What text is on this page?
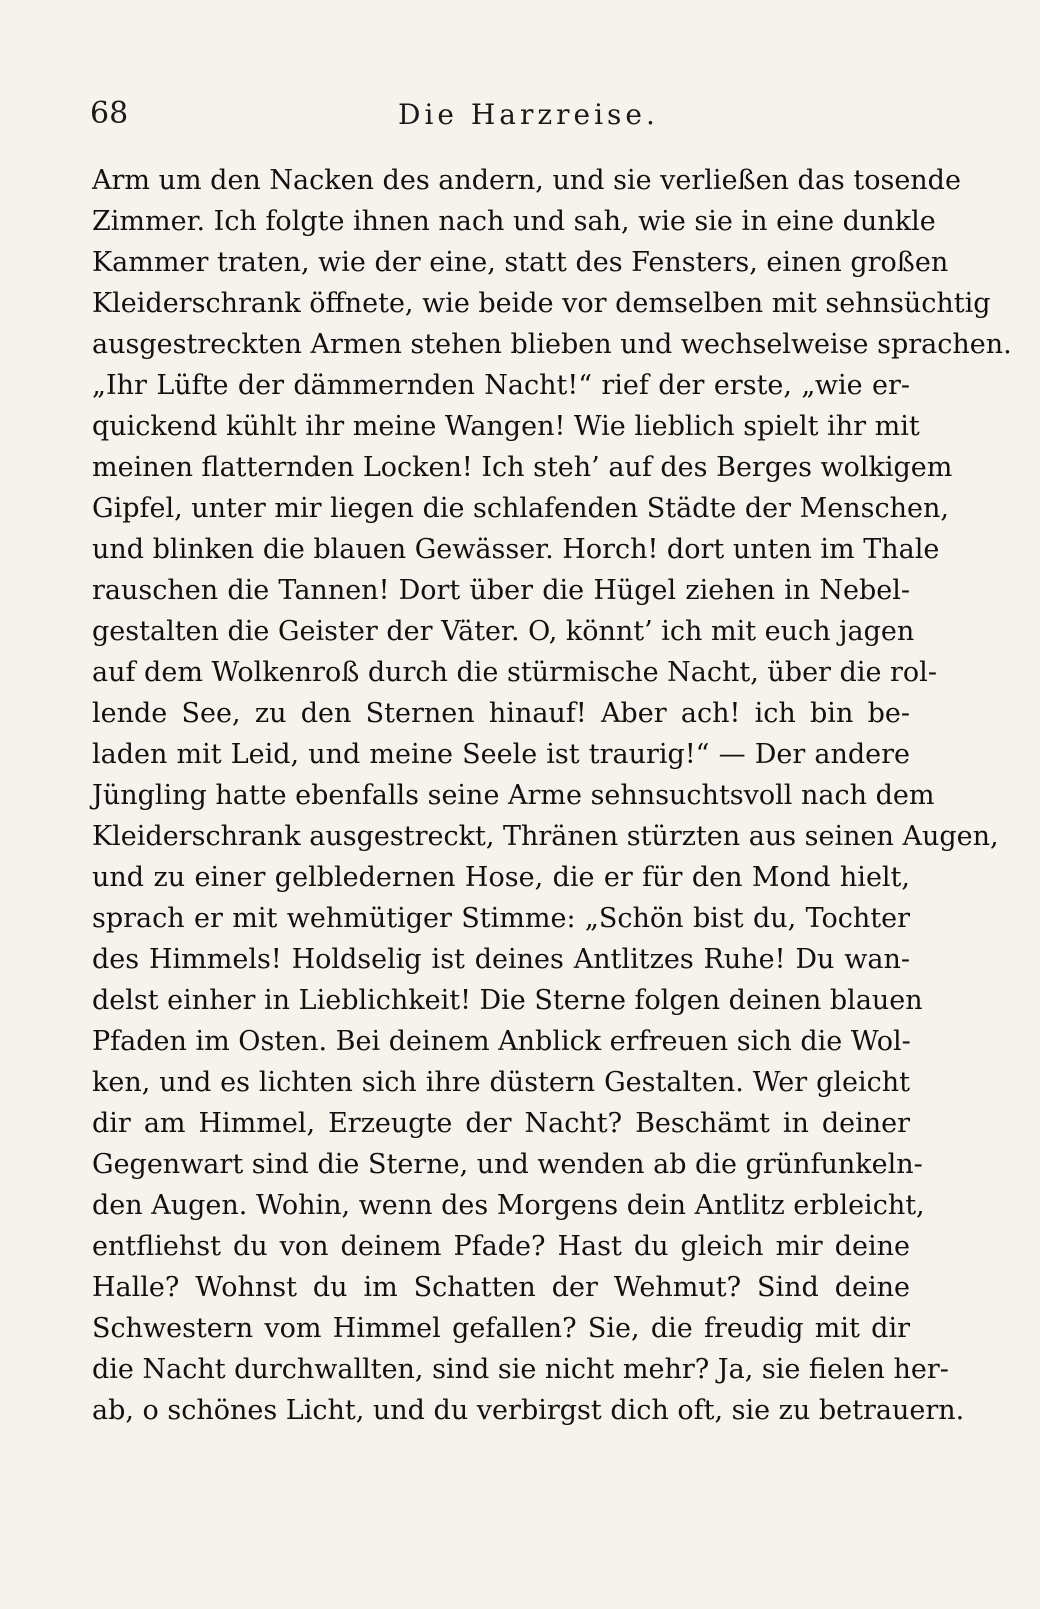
68	Die Harzreise.
Arm um den Nacken des andern, und sie verließen das tosende
Zimmer. Ich folgte ihnen nach und sah, wie sie in eine dunkle
Kammer traten, wie der eine, statt des Fensters, einen großen
Kleiderschrank öffnete, wie beide vor demselben mit sehnsüchtig
ausgestreckten Armen stehen blieben und wechselweise sprachen.
„Ihr Lüfte der dämmernden Nacht!“ rief der erste, „wie er-
quickend kühlt ihr meine Wangen! Wie lieblich spielt ihr mit
meinen flatternden Locken! Ich steh’ auf des Berges wolkigem
Gipfel, unter mir liegen die schlafenden Städte der Menschen,
und blinken die blauen Gewässer. Horch! dort unten im Thale
rauschen die Tannen! Dort über die Hügel ziehen in Nebel-
gestalten die Geister der Väter. O, könnt’ ich mit euch jagen
auf dem Wolkenroß durch die stürmische Nacht, über die rol-
lende See, zu den Sternen hinauf! Aber ach! ich bin be-
laden mit Leid, und meine Seele ist traurig!“ — Der andere
Jüngling hatte ebenfalls seine Arme sehnsuchtsvoll nach dem
Kleiderschrank ausgestreckt, Thränen stürzten aus seinen Augen,
und zu einer gelbledernen Hose, die er für den Mond hielt,
sprach er mit wehmütiger Stimme: „Schön bist du, Tochter
des Himmels! Holdselig ist deines Antlitzes Ruhe! Du wan-
delst einher in Lieblichkeit! Die Sterne folgen deinen blauen
Pfaden im Osten. Bei deinem Anblick erfreuen sich die Wol-
ken, und es lichten sich ihre düstern Gestalten. Wer gleicht
dir am Himmel, Erzeugte der Nacht? Beschämt in deiner
Gegenwart sind die Sterne, und wenden ab die grünfunkeln-
den Augen. Wohin, wenn des Morgens dein Antlitz erbleicht,
entfliehst du von deinem Pfade? Hast du gleich mir deine
Halle? Wohnst du im Schatten der Wehmut? Sind deine
Schwestern vom Himmel gefallen? Sie, die freudig mit dir
die Nacht durchwallten, sind sie nicht mehr? Ja, sie fielen her-
ab, o schönes Licht, und du verbirgst dich oft, sie zu betrauern.
